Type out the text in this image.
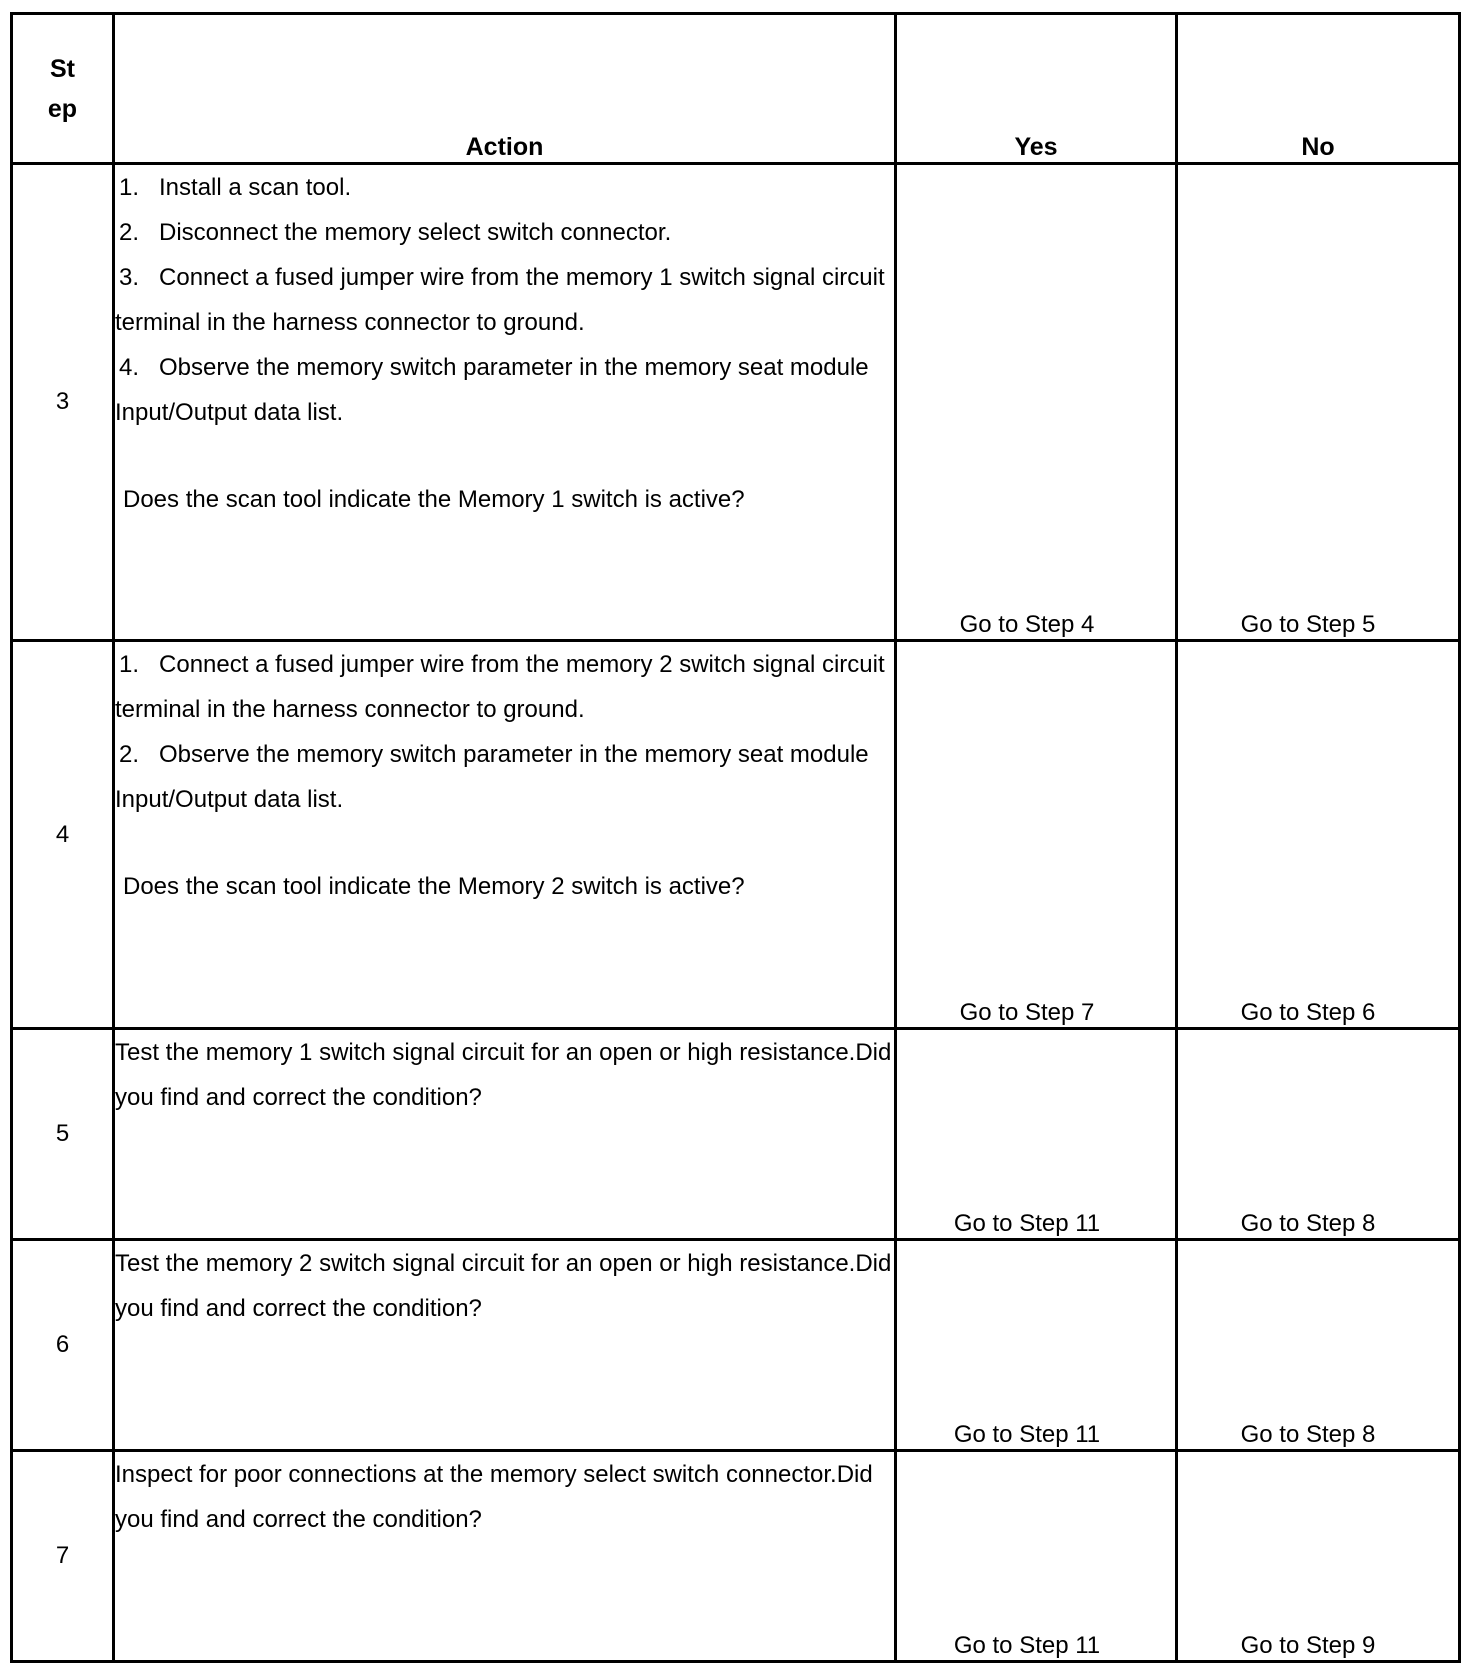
St
ep	Action	Yes	No
3	1. Install a scan tool.
2. Disconnect the memory select switch connector.
3. Connect a fused jumper wire from the memory 1 switch signal circuit terminal in the harness connector to ground.
4. Observe the memory switch parameter in the memory seat module Input/Output data list.
Does the scan tool indicate the Memory 1 switch is active?	Go to Step 4	Go to Step 5
4	1. Connect a fused jumper wire from the memory 2 switch signal circuit terminal in the harness connector to ground.
2. Observe the memory switch parameter in the memory seat module Input/Output data list.
Does the scan tool indicate the Memory 2 switch is active?	Go to Step 7	Go to Step 6
5	Test the memory 1 switch signal circuit for an open or high resistance.Did you find and correct the condition?	Go to Step 11	Go to Step 8
6	Test the memory 2 switch signal circuit for an open or high resistance.Did you find and correct the condition?	Go to Step 11	Go to Step 8
7	Inspect for poor connections at the memory select switch connector.Did you find and correct the condition?	Go to Step 11	Go to Step 9
